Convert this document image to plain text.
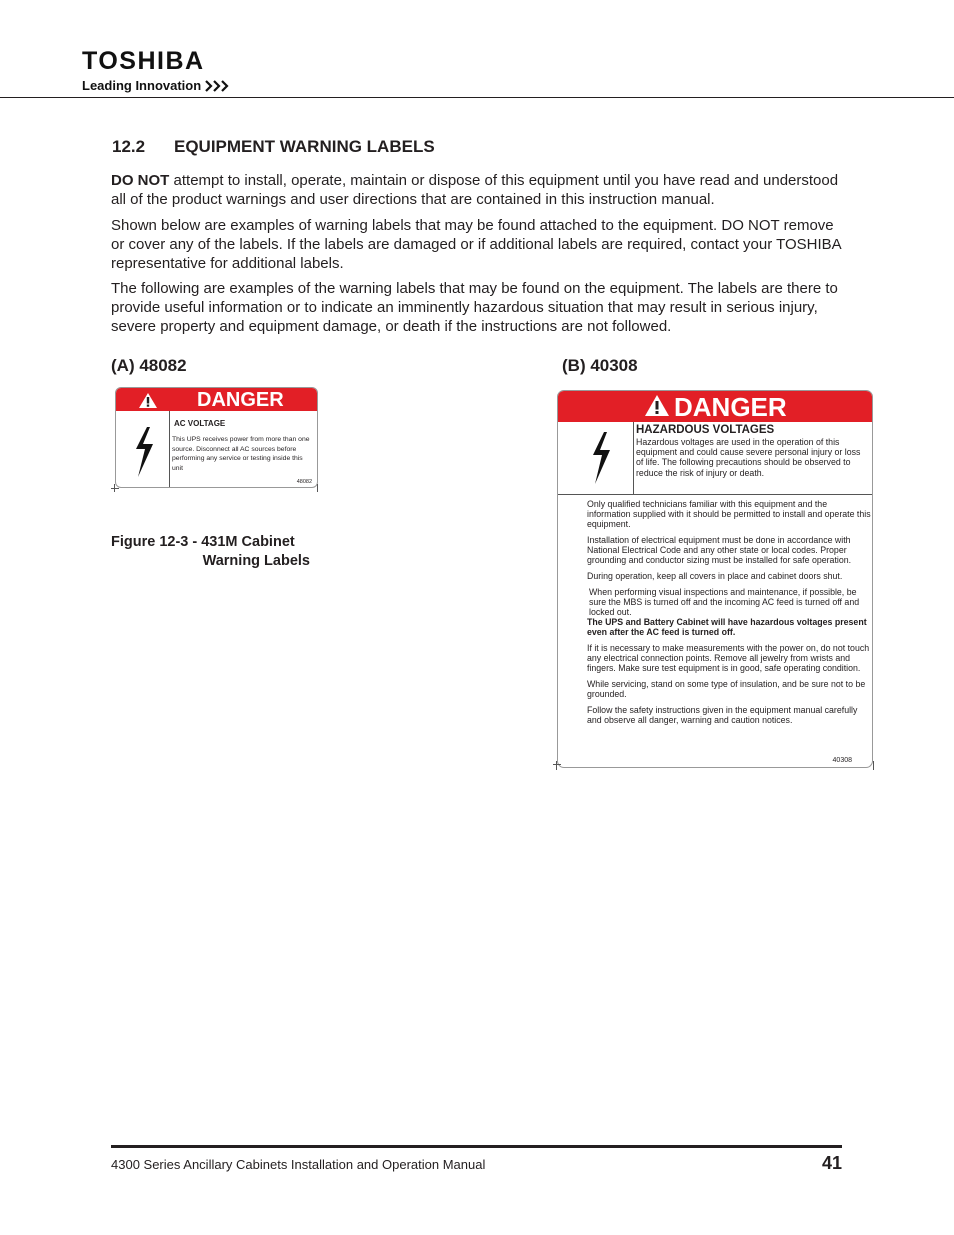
TOSHIBA
Leading Innovation
12.2 EQUIPMENT WARNING LABELS

DO NOT attempt to install, operate, maintain or dispose of this equipment until you have read and understood all of the product warnings and user directions that are contained in this instruction manual.

Shown below are examples of warning labels that may be found attached to the equipment. DO NOT remove or cover any of the labels. If the labels are damaged or if additional labels are required, contact your TOSHIBA representative for additional labels.

The following are examples of the warning labels that may be found on the equipment. The labels are there to provide useful information or to indicate an imminently hazardous situation that may result in serious injury, severe property and equipment damage, or death if the instructions are not followed.

(A) 48082	(B) 40308
DANGER
AC VOLTAGE
This UPS receives power from more than one source. Disconnect all AC sources before performing any service or testing inside this unit
48082
Figure 12-3 - 431M Cabinet
Warning Labels
DANGER
HAZARDOUS VOLTAGES
Hazardous voltages are used in the operation of this equipment and could cause severe personal injury or loss of life. The following precautions should be observed to reduce the risk of injury or death.

Only qualified technicians familiar with this equipment and the information supplied with it should be permitted to install and operate this equipment.

Installation of electrical equipment must be done in accordance with National Electrical Code and any other state or local codes. Proper grounding and conductor sizing must be installed for safe operation.

During operation, keep all covers in place and cabinet doors shut.

When performing visual inspections and maintenance, if possible, be sure the MBS is turned off and the incoming AC feed is turned off and locked out.

The UPS and Battery Cabinet will have hazardous voltages present even after the AC feed is turned off.

If it is necessary to make measurements with the power on, do not touch any electrical connection points. Remove all jewelry from wrists and fingers. Make sure test equipment is in good, safe operating condition.

While servicing, stand on some type of insulation, and be sure not to be grounded.

Follow the safety instructions given in the equipment manual carefully and observe all danger, warning and caution notices.

40308
4300 Series Ancillary Cabinets Installation and Operation Manual	41
